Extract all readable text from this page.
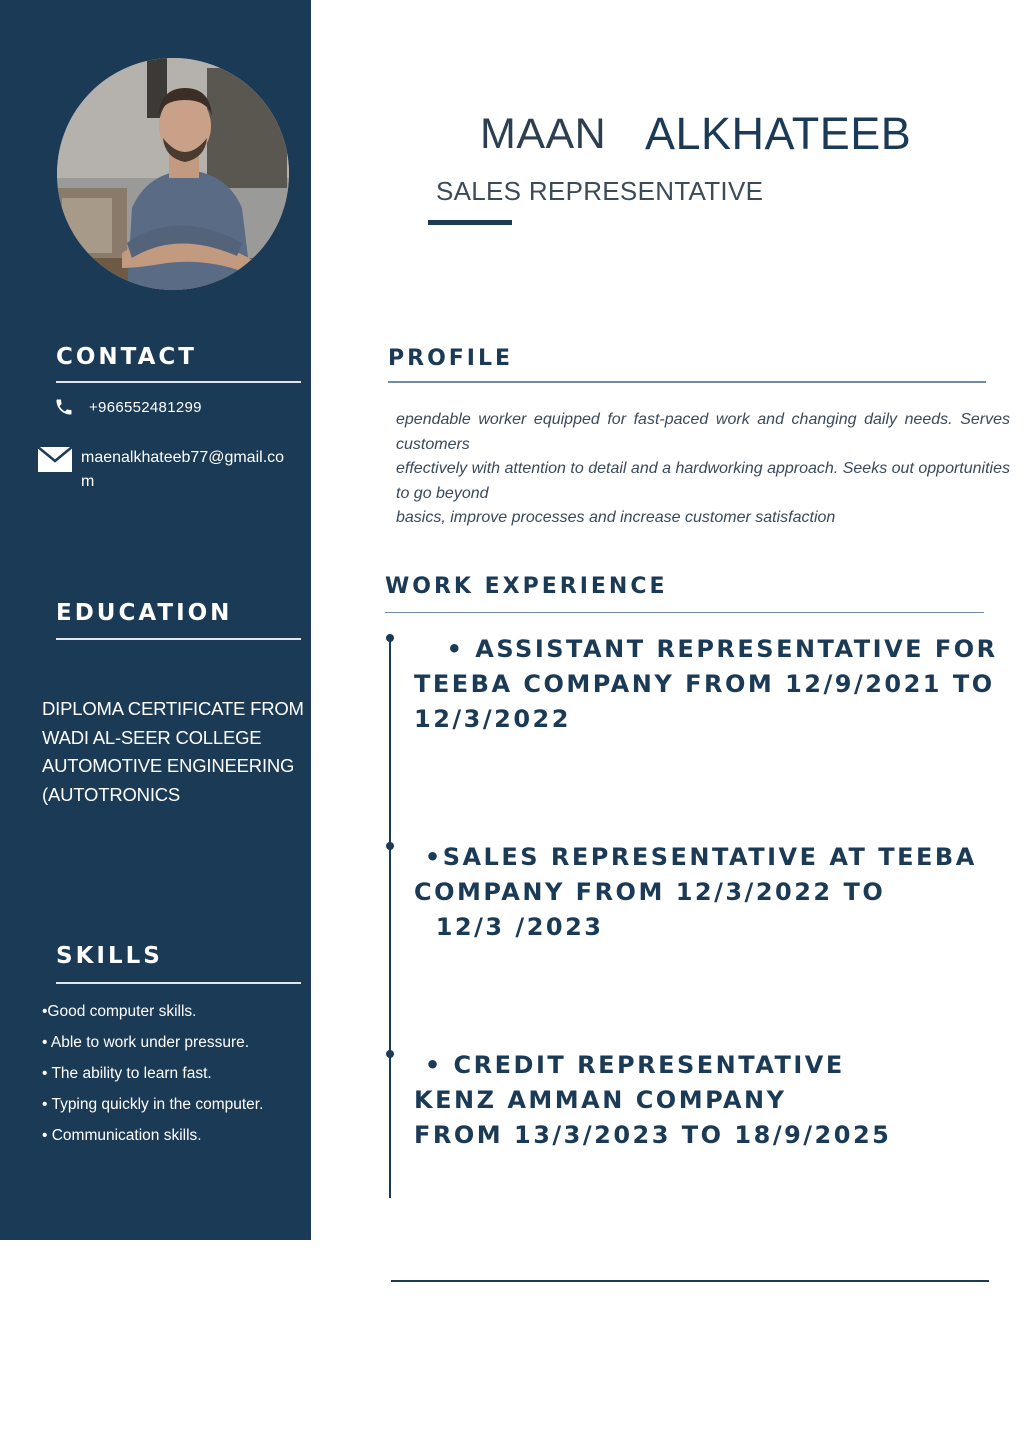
CONTACT
+966552481299
maenalkhateeb77@gmail.com
EDUCATION
DIPLOMA CERTIFICATE FROM
WADI AL-SEER COLLEGE
AUTOMOTIVE ENGINEERING
(AUTOTRONICS
SKILLS
•Good computer skills.
• Able to work under pressure.
• The ability to learn fast.
• Typing quickly in the computer.
• Communication skills.
MAAN ALKHATEEB
SALES REPRESENTATIVE
PROFILE

ependable worker equipped for fast-paced work and changing daily needs. Serves customers

effectively with attention to detail and a hardworking approach. Seeks out opportunities to go beyond

basics, improve processes and increase customer satisfaction

WORK EXPERIENCE
• ASSISTANT REPRESENTATIVE FOR
TEEBA COMPANY FROM 12/9/2021 TO
12/3/2022
•SALES REPRESENTATIVE AT TEEBA
COMPANY FROM 12/3/2022 TO
12/3 /2023
• CREDIT REPRESENTATIVE
KENZ AMMAN COMPANY
FROM 13/3/2023 TO 18/9/2025
